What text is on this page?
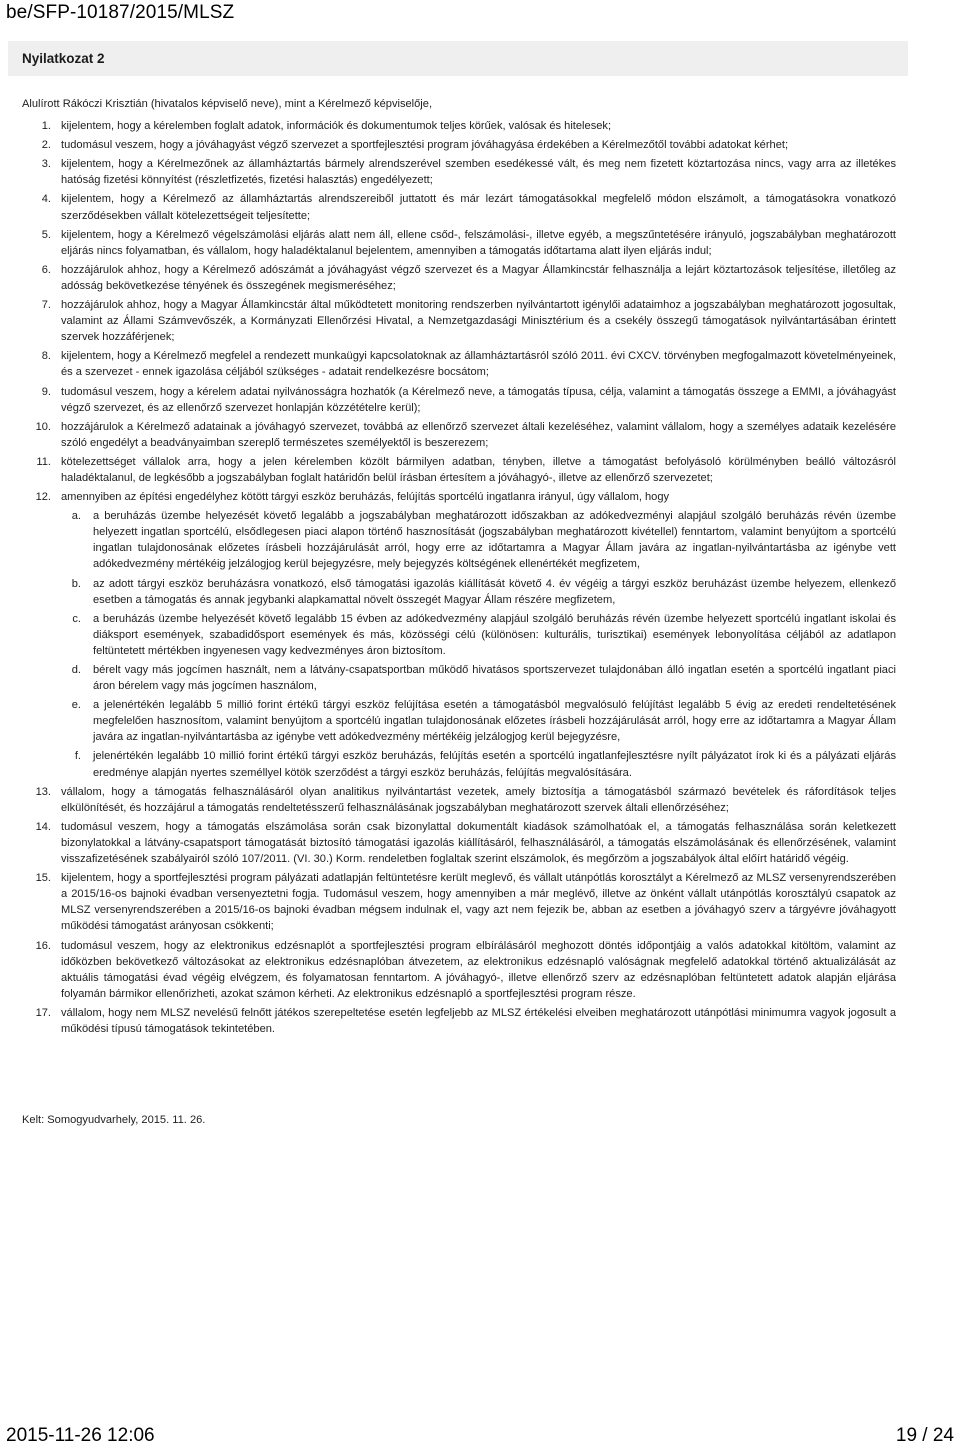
be/SFP-10187/2015/MLSZ
Nyilatkozat 2

Alulírott Rákóczi Krisztián (hivatalos képviselő neve), mint a Kérelmező képviselője,

1. kijelentem, hogy a kérelemben foglalt adatok, információk és dokumentumok teljes körűek, valósak és hitelesek;
2. tudomásul veszem, hogy a jóváhagyást végző szervezet a sportfejlesztési program jóváhagyása érdekében a Kérelmezőtől további adatokat kérhet;
3. kijelentem, hogy a Kérelmezőnek az államháztartás bármely alrendszerével szemben esedékessé vált, és meg nem fizetett köztartozása nincs, vagy arra az illetékes hatóság fizetési könnyítést (részletfizetés, fizetési halasztás) engedélyezett;
4. kijelentem, hogy a Kérelmező az államháztartás alrendszereiből juttatott és már lezárt támogatásokkal megfelelő módon elszámolt, a támogatásokra vonatkozó szerződésekben vállalt kötelezettségeit teljesítette;
5. kijelentem, hogy a Kérelmező végelszámolási eljárás alatt nem áll, ellene csőd-, felszámolási-, illetve egyéb, a megszűntetésére irányuló, jogszabályban meghatározott eljárás nincs folyamatban, és vállalom, hogy haladéktalanul bejelentem, amennyiben a támogatás időtartama alatt ilyen eljárás indul;
6. hozzájárulok ahhoz, hogy a Kérelmező adószámát a jóváhagyást végző szervezet és a Magyar Államkincstár felhasználja a lejárt köztartozások teljesítése, illetőleg az adósság bekövetkezése tényének és összegének megismeréséhez;
7. hozzájárulok ahhoz, hogy a Magyar Államkincstár által működtetett monitoring rendszerben nyilvántartott igénylői adataimhoz a jogszabályban meghatározott jogosultak, valamint az Állami Számvevőszék, a Kormányzati Ellenőrzési Hivatal, a Nemzetgazdasági Minisztérium és a csekély összegű támogatások nyilvántartásában érintett szervek hozzáférjenek;
8. kijelentem, hogy a Kérelmező megfelel a rendezett munkaügyi kapcsolatoknak az államháztartásról szóló 2011. évi CXCV. törvényben megfogalmazott követelményeinek, és a szervezet - ennek igazolása céljából szükséges - adatait rendelkezésre bocsátom;
9. tudomásul veszem, hogy a kérelem adatai nyilvánosságra hozhatók (a Kérelmező neve, a támogatás típusa, célja, valamint a támogatás összege a EMMI, a jóváhagyást végző szervezet, és az ellenőrző szervezet honlapján közzétételre kerül);
10. hozzájárulok a Kérelmező adatainak a jóváhagyó szervezet, továbbá az ellenőrző szervezet általi kezeléséhez, valamint vállalom, hogy a személyes adataik kezelésére szóló engedélyt a beadványaimban szereplő természetes személyektől is beszerezem;
11. kötelezettséget vállalok arra, hogy a jelen kérelemben közölt bármilyen adatban, tényben, illetve a támogatást befolyásoló körülményben beálló változásról haladéktalanul, de legkésőbb a jogszabályban foglalt határidőn belül írásban értesítem a jóváhagyó-, illetve az ellenőrző szervezetet;
12. amennyiben az építési engedélyhez kötött tárgyi eszköz beruházás, felújítás sportcélú ingatlanra irányul, úgy vállalom, hogy
a. a beruházás üzembe helyezését követő legalább a jogszabályban meghatározott időszakban az adókedvezményi alapjául szolgáló beruházás révén üzembe helyezett ingatlan sportcélú, elsődlegesen piaci alapon történő hasznosítását (jogszabályban meghatározott kivétellel) fenntartom, valamint benyújtom a sportcélú ingatlan tulajdonosának előzetes írásbeli hozzájárulását arról, hogy erre az időtartamra a Magyar Állam javára az ingatlan-nyilvántartásba az igénybe vett adókedvezmény mértékéig jelzálogjog kerül bejegyzésre, mely bejegyzés költségének ellenértékét megfizetem,
b. az adott tárgyi eszköz beruházásra vonatkozó, első támogatási igazolás kiállítását követő 4. év végéig a tárgyi eszköz beruházást üzembe helyezem, ellenkező esetben a támogatás és annak jegybanki alapkamattal növelt összegét Magyar Állam részére megfizetem,
c. a beruházás üzembe helyezését követő legalább 15 évben az adókedvezmény alapjául szolgáló beruházás révén üzembe helyezett sportcélú ingatlant iskolai és diáksport események, szabadidősport események és más, közösségi célú (különösen: kulturális, turisztikai) események lebonyolítása céljából az adatlapon feltüntetett mértékben ingyenesen vagy kedvezményes áron biztosítom.
d. bérelt vagy más jogcímen használt, nem a látvány-csapatsportban működő hivatásos sportszervezet tulajdonában álló ingatlan esetén a sportcélú ingatlant piaci áron bérelem vagy más jogcímen használom,
e. a jelenértékén legalább 5 millió forint értékű tárgyi eszköz felújítása esetén a támogatásból megvalósuló felújítást legalább 5 évig az eredeti rendeltetésének megfelelően hasznosítom, valamint benyújtom a sportcélú ingatlan tulajdonosának előzetes írásbeli hozzájárulását arról, hogy erre az időtartamra a Magyar Állam javára az ingatlan-nyilvántartásba az igénybe vett adókedvezmény mértékéig jelzálogjog kerül bejegyzésre,
f. jelenértékén legalább 10 millió forint értékű tárgyi eszköz beruházás, felújítás esetén a sportcélú ingatlanfejlesztésre nyílt pályázatot írok ki és a pályázati eljárás eredménye alapján nyertes személlyel kötök szerződést a tárgyi eszköz beruházás, felújítás megvalósítására.
13. vállalom, hogy a támogatás felhasználásáról olyan analitikus nyilvántartást vezetek, amely biztosítja a támogatásból származó bevételek és ráfordítások teljes elkülönítését, és hozzájárul a támogatás rendeltetésszerű felhasználásának jogszabályban meghatározott szervek általi ellenőrzéséhez;
14. tudomásul veszem, hogy a támogatás elszámolása során csak bizonylattal dokumentált kiadások számolhatóak el, a támogatás felhasználása során keletkezett bizonylatokkal a látvány-csapatsport támogatását biztosító támogatási igazolás kiállításáról, felhasználásáról, a támogatás elszámolásának és ellenőrzésének, valamint visszafizetésének szabályairól szóló 107/2011. (VI. 30.) Korm. rendeletben foglaltak szerint elszámolok, és megőrzöm a jogszabályok által előírt határidő végéig.
15. kijelentem, hogy a sportfejlesztési program pályázati adatlapján feltüntetésre került meglevő, és vállalt utánpótlás korosztályt a Kérelmező az MLSZ versenyrendszerében a 2015/16-os bajnoki évadban versenyeztetni fogja. Tudomásul veszem, hogy amennyiben a már meglévő, illetve az önként vállalt utánpótlás korosztályú csapatok az MLSZ versenyrendszerében a 2015/16-os bajnoki évadban mégsem indulnak el, vagy azt nem fejezik be, abban az esetben a jóváhagyó szerv a tárgyévre jóváhagyott működési támogatást arányosan csökkenti;
16. tudomásul veszem, hogy az elektronikus edzésnaplót a sportfejlesztési program elbírálásáról meghozott döntés időpontjáig a valós adatokkal kitöltöm, valamint az időközben bekövetkező változásokat az elektronikus edzésnaplóban átvezetem, az elektronikus edzésnapló valóságnak megfelelő adatokkal történő aktualizálását az aktuális támogatási évad végéig elvégzem, és folyamatosan fenntartom. A jóváhagyó-, illetve ellenőrző szerv az edzésnaplóban feltüntetett adatok alapján eljárása folyamán bármikor ellenőrizheti, azokat számon kérheti. Az elektronikus edzésnapló a sportfejlesztési program része.
17. vállalom, hogy nem MLSZ nevelésű felnőtt játékos szerepeltetése esetén legfeljebb az MLSZ értékelési elveiben meghatározott utánpótlási minimumra vagyok jogosult a működési típusú támogatások tekintetében.
Kelt: Somogyudvarhely, 2015. 11. 26.
2015-11-26 12:06	19 / 24
